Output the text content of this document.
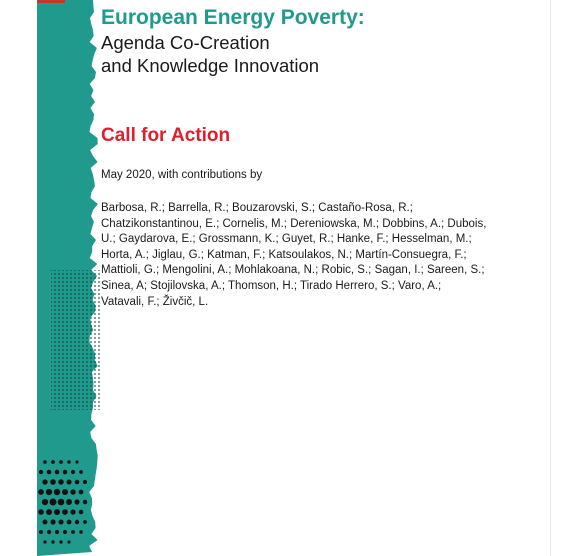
European Energy Poverty:
Agenda Co-Creation
and Knowledge Innovation
Call for Action

May 2020, with contributions by

Barbosa, R.; Barrella, R.; Bouzarovski, S.; Castaño-Rosa, R.;
Chatzikonstantinou, E.; Cornelis, M.; Dereniowska, M.; Dobbins, A.; Dubois,
U.; Gaydarova, E.; Grossmann, K.; Guyet, R.; Hanke, F.; Hesselman, M.;
Horta, A.; Jiglau, G.; Katman, F.; Katsoulakos, N.; Martín-Consuegra, F.;
Mattioli, G.; Mengolini, A.; Mohlakoana, N.; Robic, S.; Sagan, I.; Sareen, S.;
Sinea, A; Stojilovska, A.; Thomson, H.; Tirado Herrero, S.; Varo, A.;
Vatavali, F.; Živčič, L.
